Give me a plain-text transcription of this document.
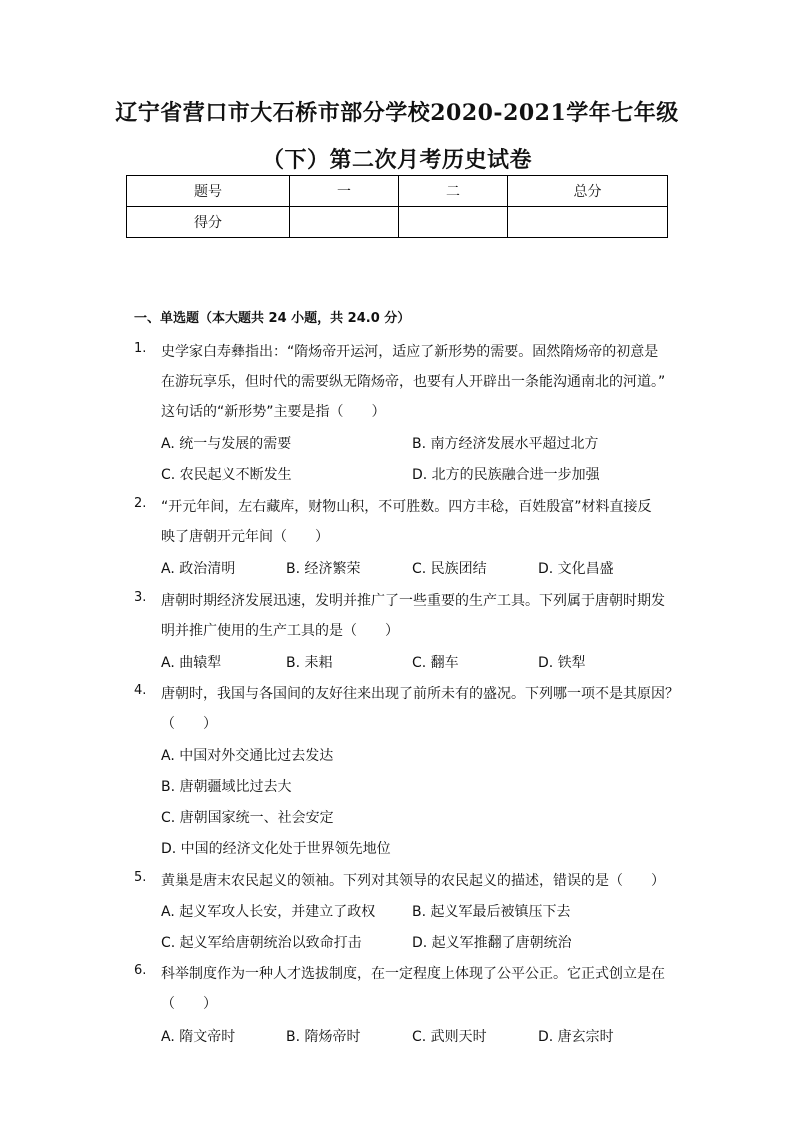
辽宁省营口市大石桥市部分学校2020-2021学年七年级
（下）第二次月考历史试卷
题号	一	二	总分
得分			
一、单选题（本大题共 24 小题，共 24.0 分）
1.	史学家白寿彝指出：“隋炀帝开运河，适应了新形势的需要。固然隋炀帝的初意是
在游玩享乐，但时代的需要纵无隋炀帝，也要有人开辟出一条能沟通南北的河道。”
这句话的“新形势”主要是指（　　）
A. 统一与发展的需要	B. 南方经济发展水平超过北方
C. 农民起义不断发生	D. 北方的民族融合进一步加强
2.	“开元年间，左右藏库，财物山积，不可胜数。四方丰稔，百姓殷富”材料直接反
映了唐朝开元年间（　　）
A. 政治清明	B. 经济繁荣	C. 民族团结	D. 文化昌盛
3.	唐朝时期经济发展迅速，发明并推广了一些重要的生产工具。下列属于唐朝时期发
明并推广使用的生产工具的是（　　）
A. 曲辕犁	B. 耒耜	C. 翻车	D. 铁犁
4.	唐朝时，我国与各国间的友好往来出现了前所未有的盛况。下列哪一项不是其原因？
（　　）
A. 中国对外交通比过去发达
B. 唐朝疆域比过去大
C. 唐朝国家统一、社会安定
D. 中国的经济文化处于世界领先地位
5.	黄巢是唐末农民起义的领袖。下列对其领导的农民起义的描述，错误的是（　　）
A. 起义军攻人长安，并建立了政权	B. 起义军最后被镇压下去
C. 起义军给唐朝统治以致命打击	D. 起义军推翻了唐朝统治
6.	科举制度作为一种人才选拔制度，在一定程度上体现了公平公正。它正式创立是在
（　　）
A. 隋文帝时	B. 隋炀帝时	C. 武则天时	D. 唐玄宗时
